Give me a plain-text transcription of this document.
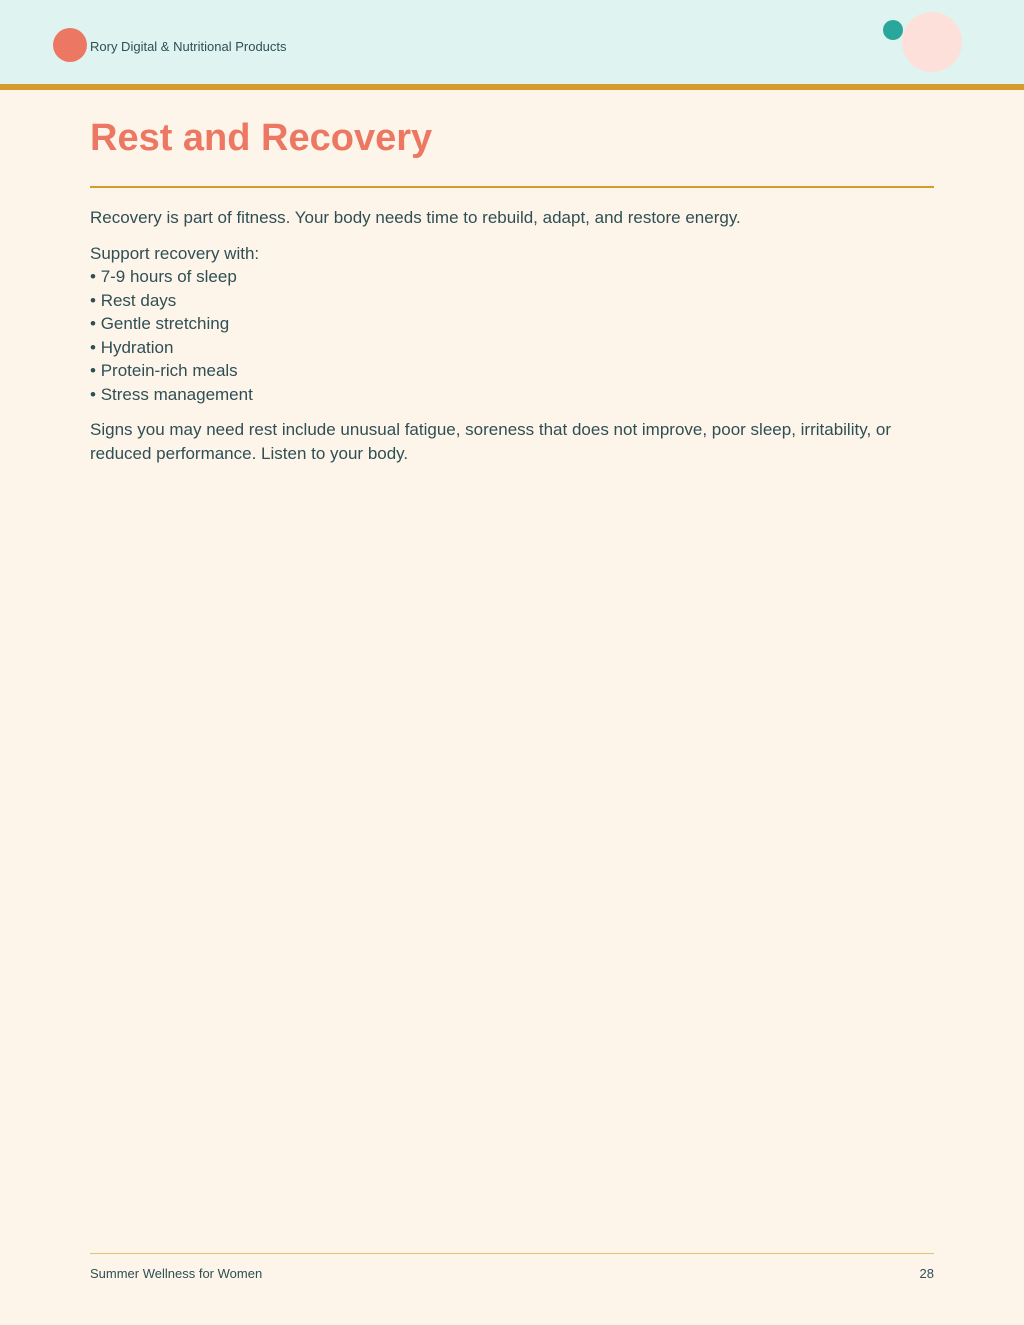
Rory Digital & Nutritional Products
Rest and Recovery

Recovery is part of fitness. Your body needs time to rebuild, adapt, and restore energy.

Support recovery with:
• 7-9 hours of sleep
• Rest days
• Gentle stretching
• Hydration
• Protein-rich meals
• Stress management

Signs you may need rest include unusual fatigue, soreness that does not improve, poor sleep, irritability, or reduced performance. Listen to your body.

Summer Wellness for Women	28
